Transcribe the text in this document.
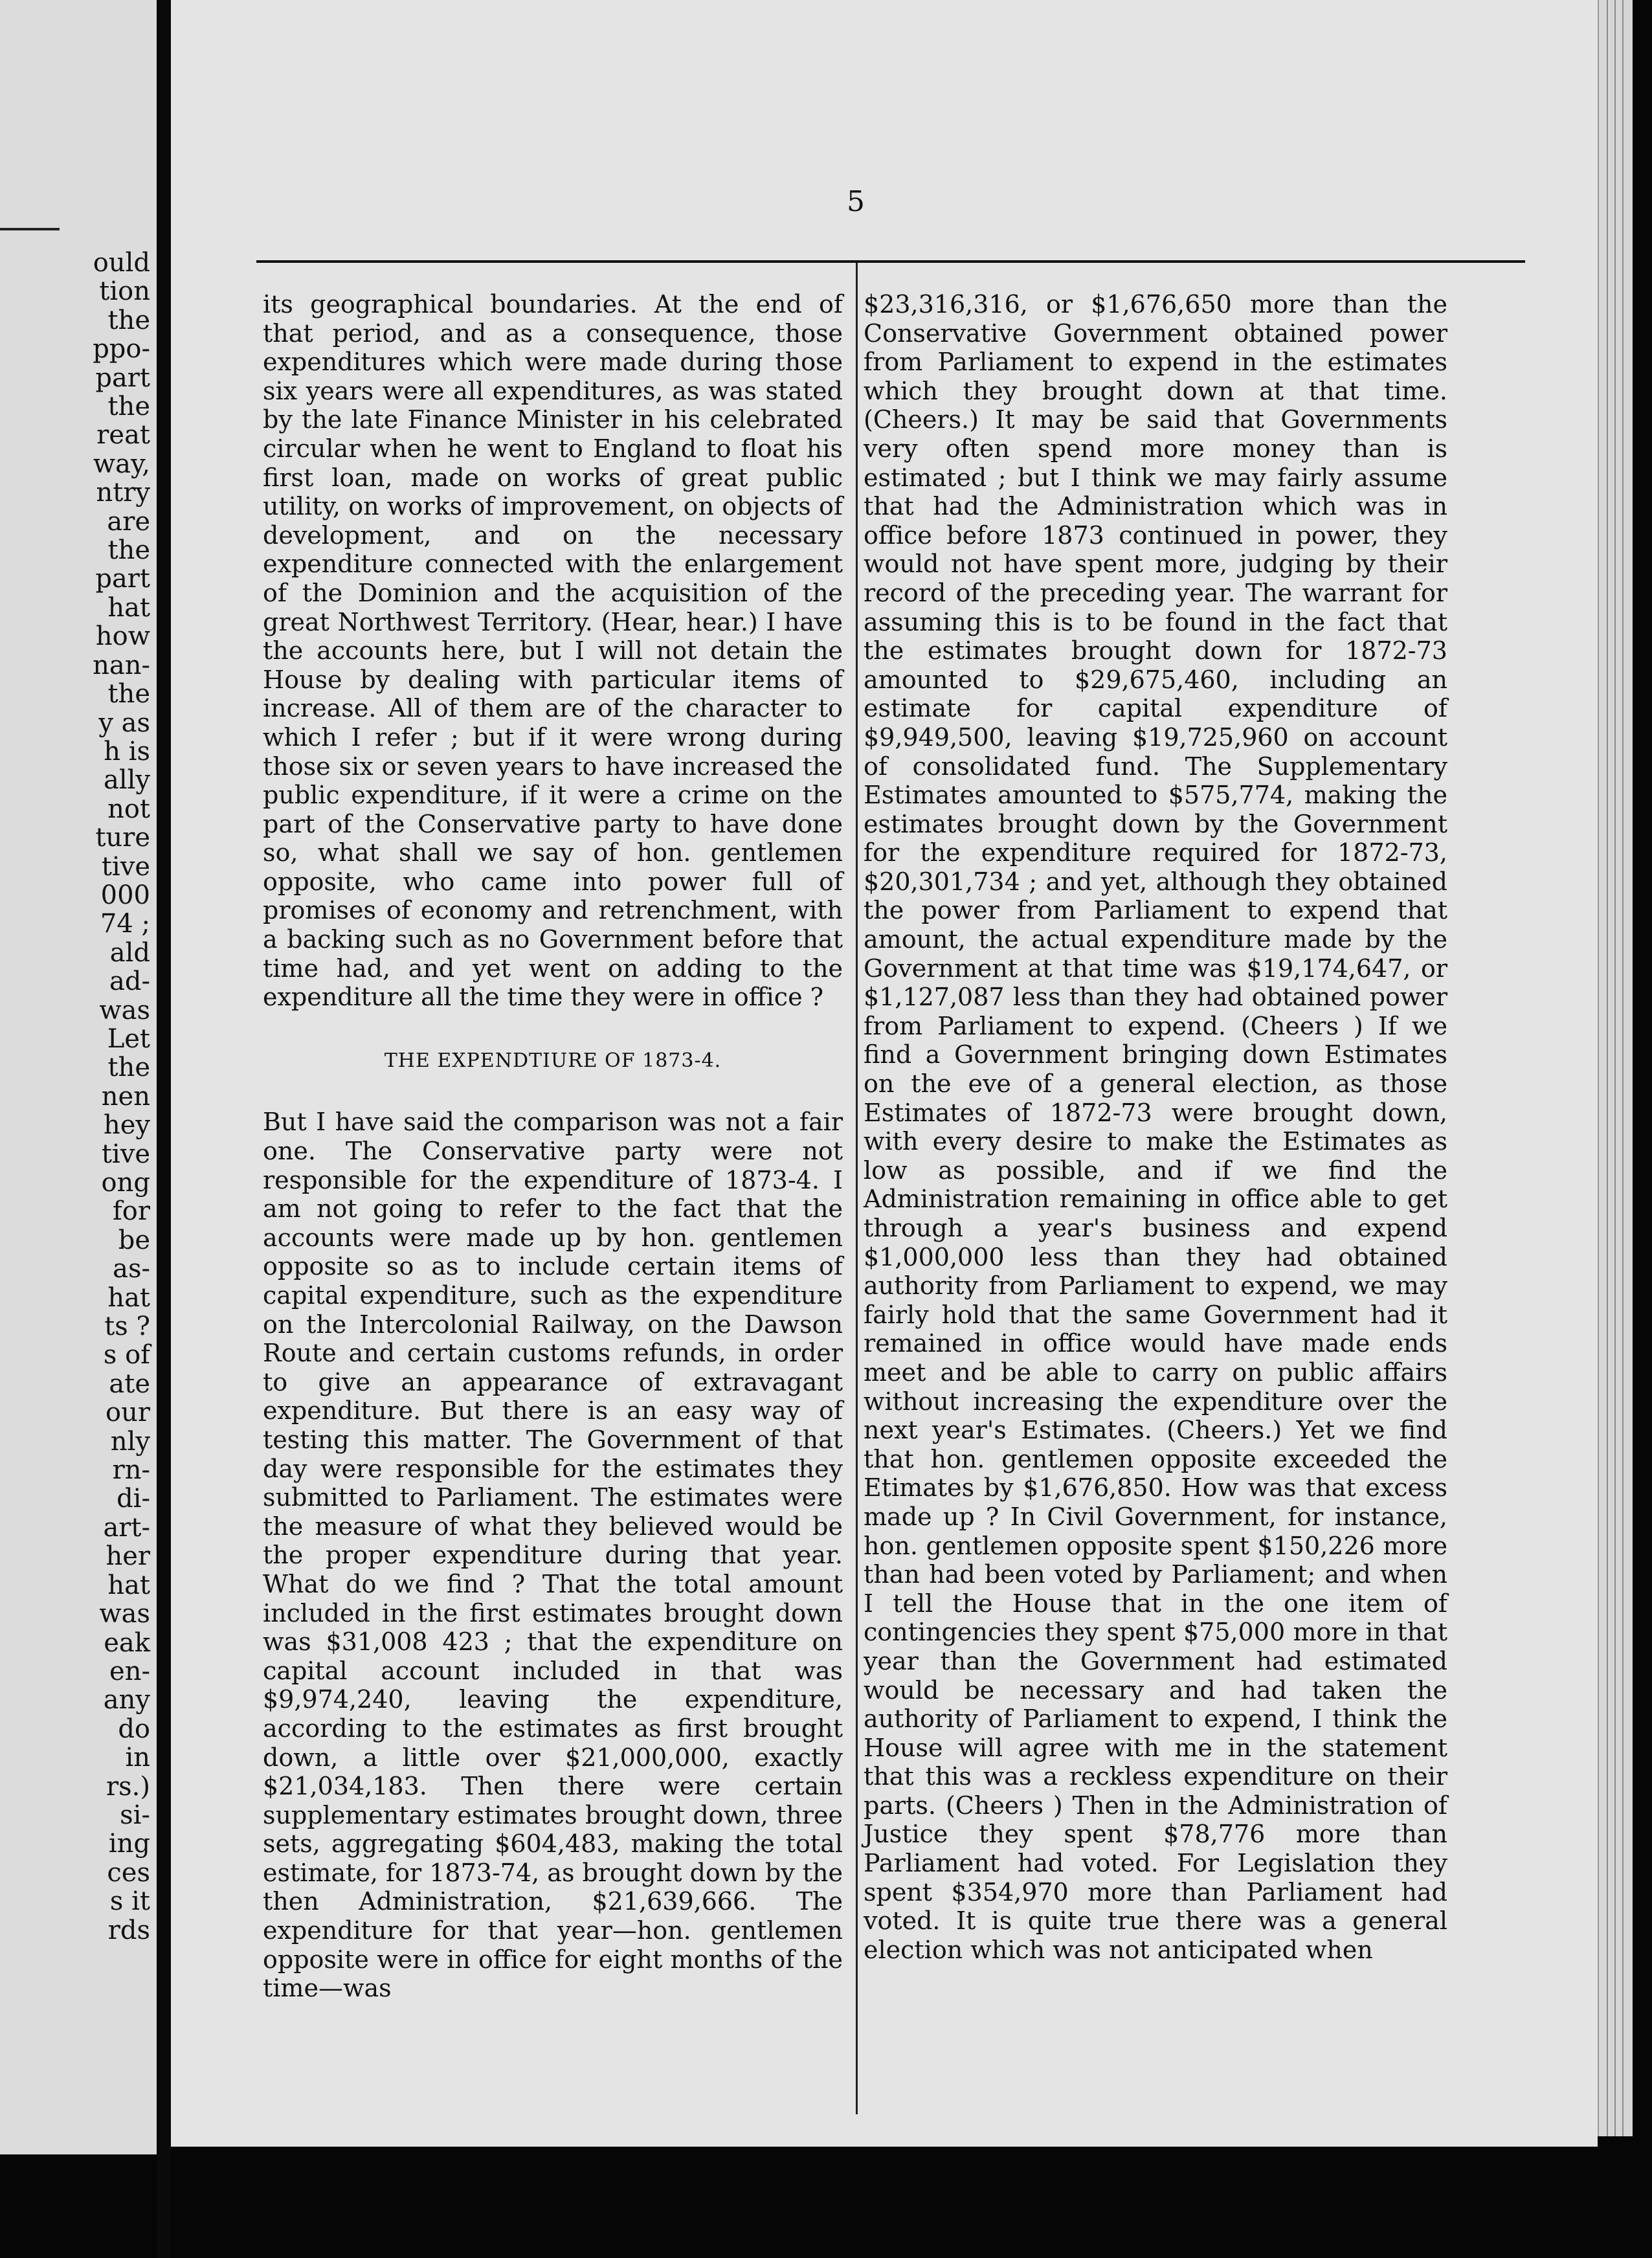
ould
tion
the
ppo-
part
the
reat
way,
ntry
are
the
part
hat
how
nan-
the
y as
h is
ally
not
ture
tive
000
74 ;
ald
ad-
was
Let
the
nen
hey
tive
ong
for
be
as-
hat
ts ?
s of
ate
our
nly
rn-
di-
art-
her
hat
was
eak
en-
any
do
in
rs.)
si-
ing
ces
s it
rds
5

its geographical boundaries. At the end of that period, and as a consequence, those expenditures which were made during those six years were all expenditures, as was stated by the late Finance Minister in his celebrated circular when he went to England to float his first loan, made on works of great public utility, on works of improvement, on objects of development, and on the necessary expenditure connected with the enlargement of the Dominion and the acquisition of the great Northwest Territory. (Hear, hear.) I have the accounts here, but I will not detain the House by dealing with particular items of increase. All of them are of the character to which I refer ; but if it were wrong during those six or seven years to have increased the public expenditure, if it were a crime on the part of the Conservative party to have done so, what shall we say of hon. gentlemen opposite, who came into power full of promises of economy and retrenchment, with a backing such as no Government before that time had, and yet went on adding to the expenditure all the time they were in office ?

THE EXPENDTIURE OF 1873-4.

But I have said the comparison was not a fair one. The Conservative party were not responsible for the expenditure of 1873-4. I am not going to refer to the fact that the accounts were made up by hon. gentlemen opposite so as to include certain items of capital expenditure, such as the expenditure on the Intercolonial Railway, on the Dawson Route and certain customs refunds, in order to give an appearance of extravagant expenditure. But there is an easy way of testing this matter. The Government of that day were responsible for the estimates they submitted to Parliament. The estimates were the measure of what they believed would be the proper expenditure during that year. What do we find ? That the total amount included in the first estimates brought down was $31,008 423 ; that the expenditure on capital account included in that was $9,974,240, leaving the expenditure, according to the estimates as first brought down, a little over $21,000,000, exactly $21,034,183. Then there were certain supplementary estimates brought down, three sets, aggregating $604,483, making the total estimate, for 1873-74, as brought down by the then Administration, $21,639,666. The expenditure for that year—hon. gentlemen opposite were in office for eight months of the time—was

$23,316,316, or $1,676,650 more than the Conservative Government obtained power from Parliament to expend in the estimates which they brought down at that time. (Cheers.) It may be said that Governments very often spend more money than is estimated ; but I think we may fairly assume that had the Administration which was in office before 1873 continued in power, they would not have spent more, judging by their record of the preceding year. The warrant for assuming this is to be found in the fact that the estimates brought down for 1872-73 amounted to $29,675,460, including an estimate for capital expenditure of $9,949,500, leaving $19,725,960 on account of consolidated fund. The Supplementary Estimates amounted to $575,774, making the estimates brought down by the Government for the expenditure required for 1872-73, $20,301,734 ; and yet, although they obtained the power from Parliament to expend that amount, the actual expenditure made by the Government at that time was $19,174,647, or $1,127,087 less than they had obtained power from Parliament to expend. (Cheers ) If we find a Government bringing down Estimates on the eve of a general election, as those Estimates of 1872-73 were brought down, with every desire to make the Estimates as low as possible, and if we find the Administration remaining in office able to get through a year's business and expend $1,000,000 less than they had obtained authority from Parliament to expend, we may fairly hold that the same Government had it remained in office would have made ends meet and be able to carry on public affairs without increasing the expenditure over the next year's Estimates. (Cheers.) Yet we find that hon. gentlemen opposite exceeded the Etimates by $1,676,850. How was that excess made up ? In Civil Government, for instance, hon. gentlemen opposite spent $150,226 more than had been voted by Parliament; and when I tell the House that in the one item of contingencies they spent $75,000 more in that year than the Government had estimated would be necessary and had taken the authority of Parliament to expend, I think the House will agree with me in the statement that this was a reckless expenditure on their parts. (Cheers ) Then in the Administration of Justice they spent $78,776 more than Parliament had voted. For Legislation they spent $354,970 more than Parliament had voted. It is quite true there was a general election which was not anticipated when
